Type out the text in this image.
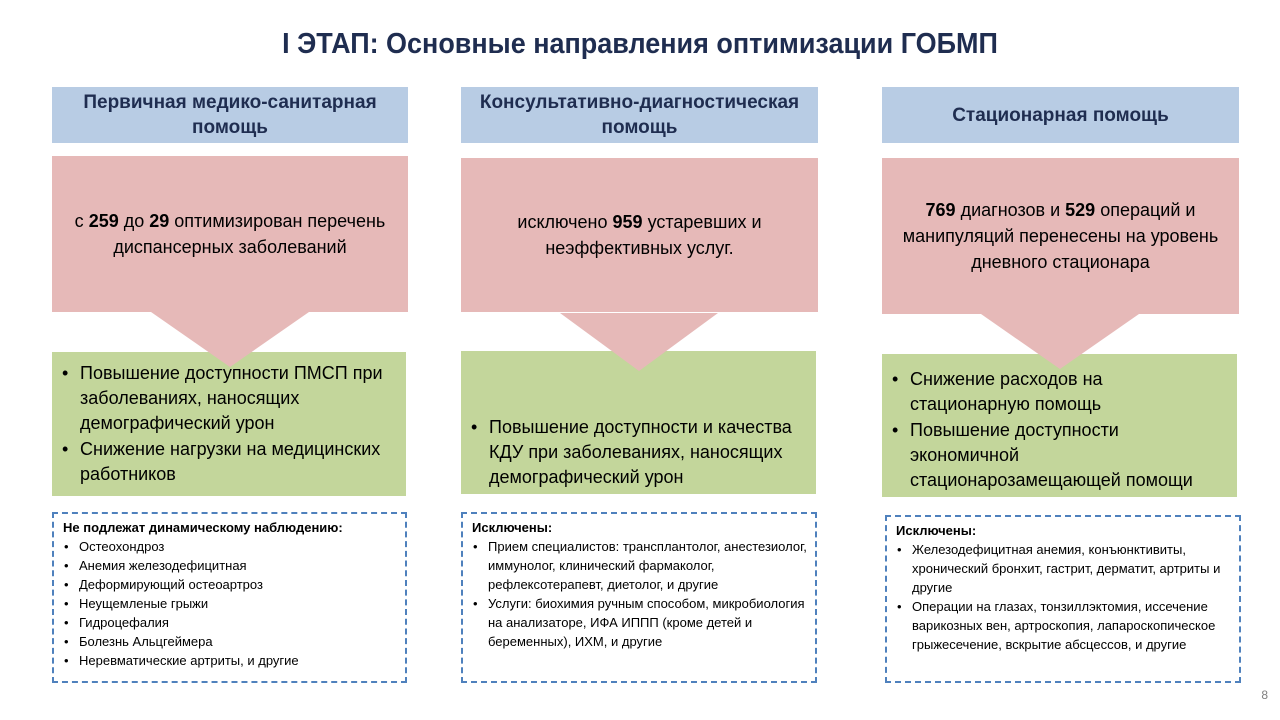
I ЭТАП: Основные направления оптимизации ГОБМП
Первичная медико-санитарная помощь
с 259 до 29 оптимизирован перечень диспансерных заболеваний
• Повышение доступности ПМСП при заболеваниях, наносящих демографический урон
• Снижение нагрузки на медицинских работников
Не подлежат динамическому наблюдению:
• Остеохондроз
• Анемия железодефицитная
• Деформирующий остеоартроз
• Неущемленые грыжи
• Гидроцефалия
• Болезнь Альцгеймера
• Неревматические артриты, и другие
Консультативно-диагностическая помощь
исключено 959 устаревших и неэффективных услуг.
• Повышение доступности и качества КДУ при заболеваниях, наносящих демографический урон
Исключены:
• Прием специалистов: трансплантолог, анестезиолог, иммунолог, клинический фармаколог, рефлексотерапевт, диетолог, и другие
• Услуги: биохимия ручным способом, микробиология на анализаторе, ИФА ИППП (кроме детей и беременных), ИХМ, и другие
Стационарная помощь
769 диагнозов и 529 операций и манипуляций перенесены на уровень дневного стационара
• Снижение расходов на стационарную помощь
• Повышение доступности экономичной стационарозамещающей помощи
Исключены:
• Железодефицитная анемия, конъюнктивиты, хронический бронхит, гастрит, дерматит, артриты и другие
• Операции на глазах, тонзиллэктомия, иссечение варикозных вен, артроскопия, лапароскопическое грыжесечение, вскрытие абсцессов, и другие
8
